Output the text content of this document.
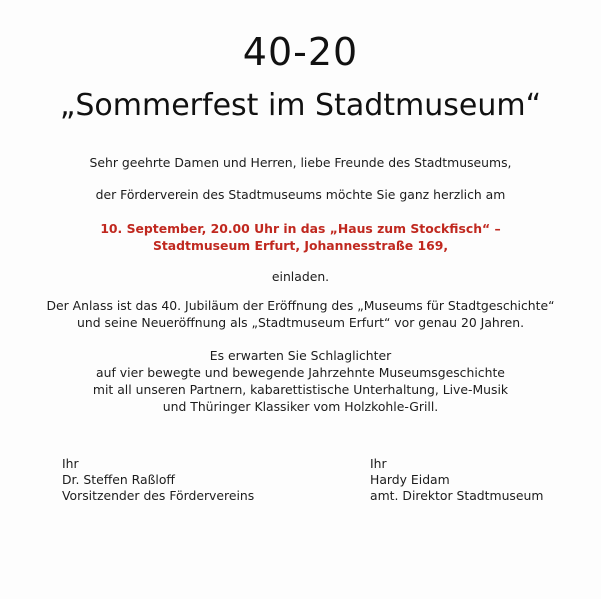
40-20
„Sommerfest im Stadtmuseum“
Sehr geehrte Damen und Herren, liebe Freunde des Stadtmuseums,
der Förderverein des Stadtmuseums möchte Sie ganz herzlich am
10. September, 20.00 Uhr in das „Haus zum Stockfisch“ –
Stadtmuseum Erfurt, Johannesstraße 169,
einladen.
Der Anlass ist das 40. Jubiläum der Eröffnung des „Museums für Stadtgeschichte“
und seine Neueröffnung als „Stadtmuseum Erfurt“ vor genau 20 Jahren.
Es erwarten Sie Schlaglichter
auf vier bewegte und bewegende Jahrzehnte Museumsgeschichte
mit all unseren Partnern, kabarettistische Unterhaltung, Live-Musik
und Thüringer Klassiker vom Holzkohle-Grill.
Ihr
Dr. Steffen Raßloff
Vorsitzender des Fördervereins
Ihr
Hardy Eidam
amt. Direktor Stadtmuseum
